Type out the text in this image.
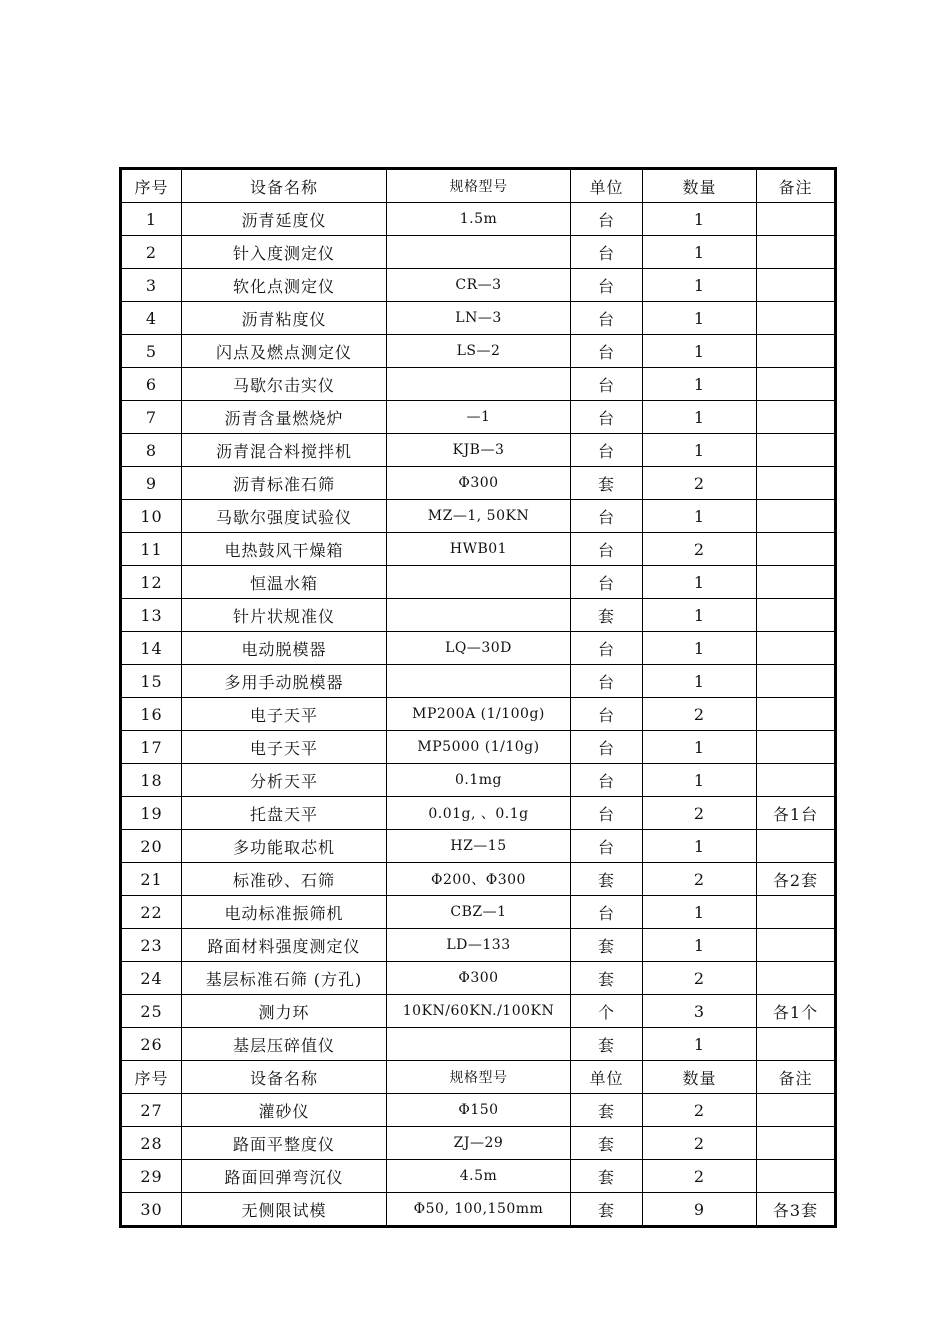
序号	设备名称	规格型号	单位	数量	备注
1	沥青延度仪	1.5m	台	1	
2	针入度测定仪		台	1	
3	软化点测定仪	CR—3	台	1	
4	沥青粘度仪	LN—3	台	1	
5	闪点及燃点测定仪	LS—2	台	1	
6	马歇尔击实仪		台	1	
7	沥青含量燃烧炉	—1	台	1	
8	沥青混合料搅拌机	KJB—3	台	1	
9	沥青标准石筛	Φ300	套	2	
10	马歇尔强度试验仪	MZ—1, 50KN	台	1	
11	电热鼓风干燥箱	HWB01	台	2	
12	恒温水箱		台	1	
13	针片状规准仪		套	1	
14	电动脱模器	LQ—30D	台	1	
15	多用手动脱模器		台	1	
16	电子天平	MP200A (1/100g)	台	2	
17	电子天平	MP5000 (1/10g)	台	1	
18	分析天平	0.1mg	台	1	
19	托盘天平	0.01g, 、0.1g	台	2	各1台
20	多功能取芯机	HZ—15	台	1	
21	标准砂、石筛	Φ200、Φ300	套	2	各2套
22	电动标准振筛机	CBZ—1	台	1	
23	路面材料强度测定仪	LD—133	套	1	
24	基层标准石筛 (方孔)	Φ300	套	2	
25	测力环	10KN/60KN./100KN	个	3	各1个
26	基层压碎值仪		套	1	
序号	设备名称	规格型号	单位	数量	备注
27	灌砂仪	Φ150	套	2	
28	路面平整度仪	ZJ—29	套	2	
29	路面回弹弯沉仪	4.5m	套	2	
30	无侧限试模	Φ50, 100,150mm	套	9	各3套
